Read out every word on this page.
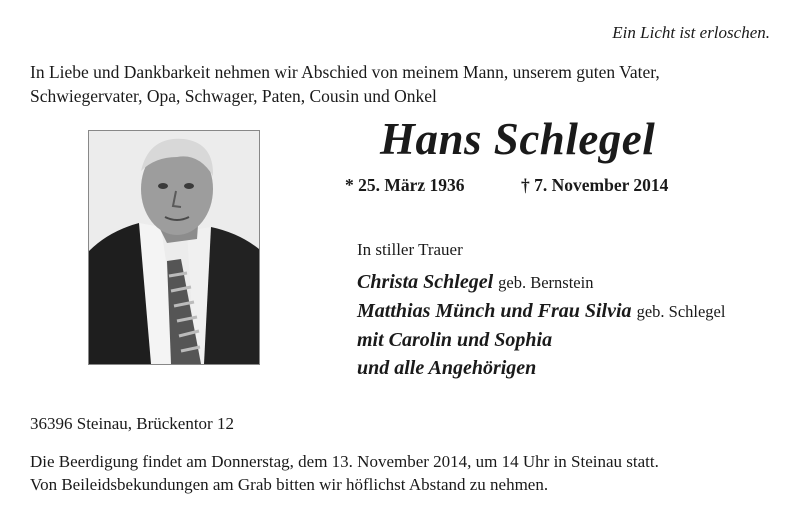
Ein Licht ist erloschen.
In Liebe und Dankbarkeit nehmen wir Abschied von meinem Mann, unserem guten Vater,
Schwiegervater, Opa, Schwager, Paten, Cousin und Onkel
Hans Schlegel
* 25. März 1936	† 7. November 2014
In stiller Trauer
Christa Schlegel geb. Bernstein
Matthias Münch und Frau Silvia geb. Schlegel
mit Carolin und Sophia
und alle Angehörigen
36396 Steinau, Brückentor 12
Die Beerdigung findet am Donnerstag, dem 13. November 2014, um 14 Uhr in Steinau statt.
Von Beileidsbekundungen am Grab bitten wir höflichst Abstand zu nehmen.
